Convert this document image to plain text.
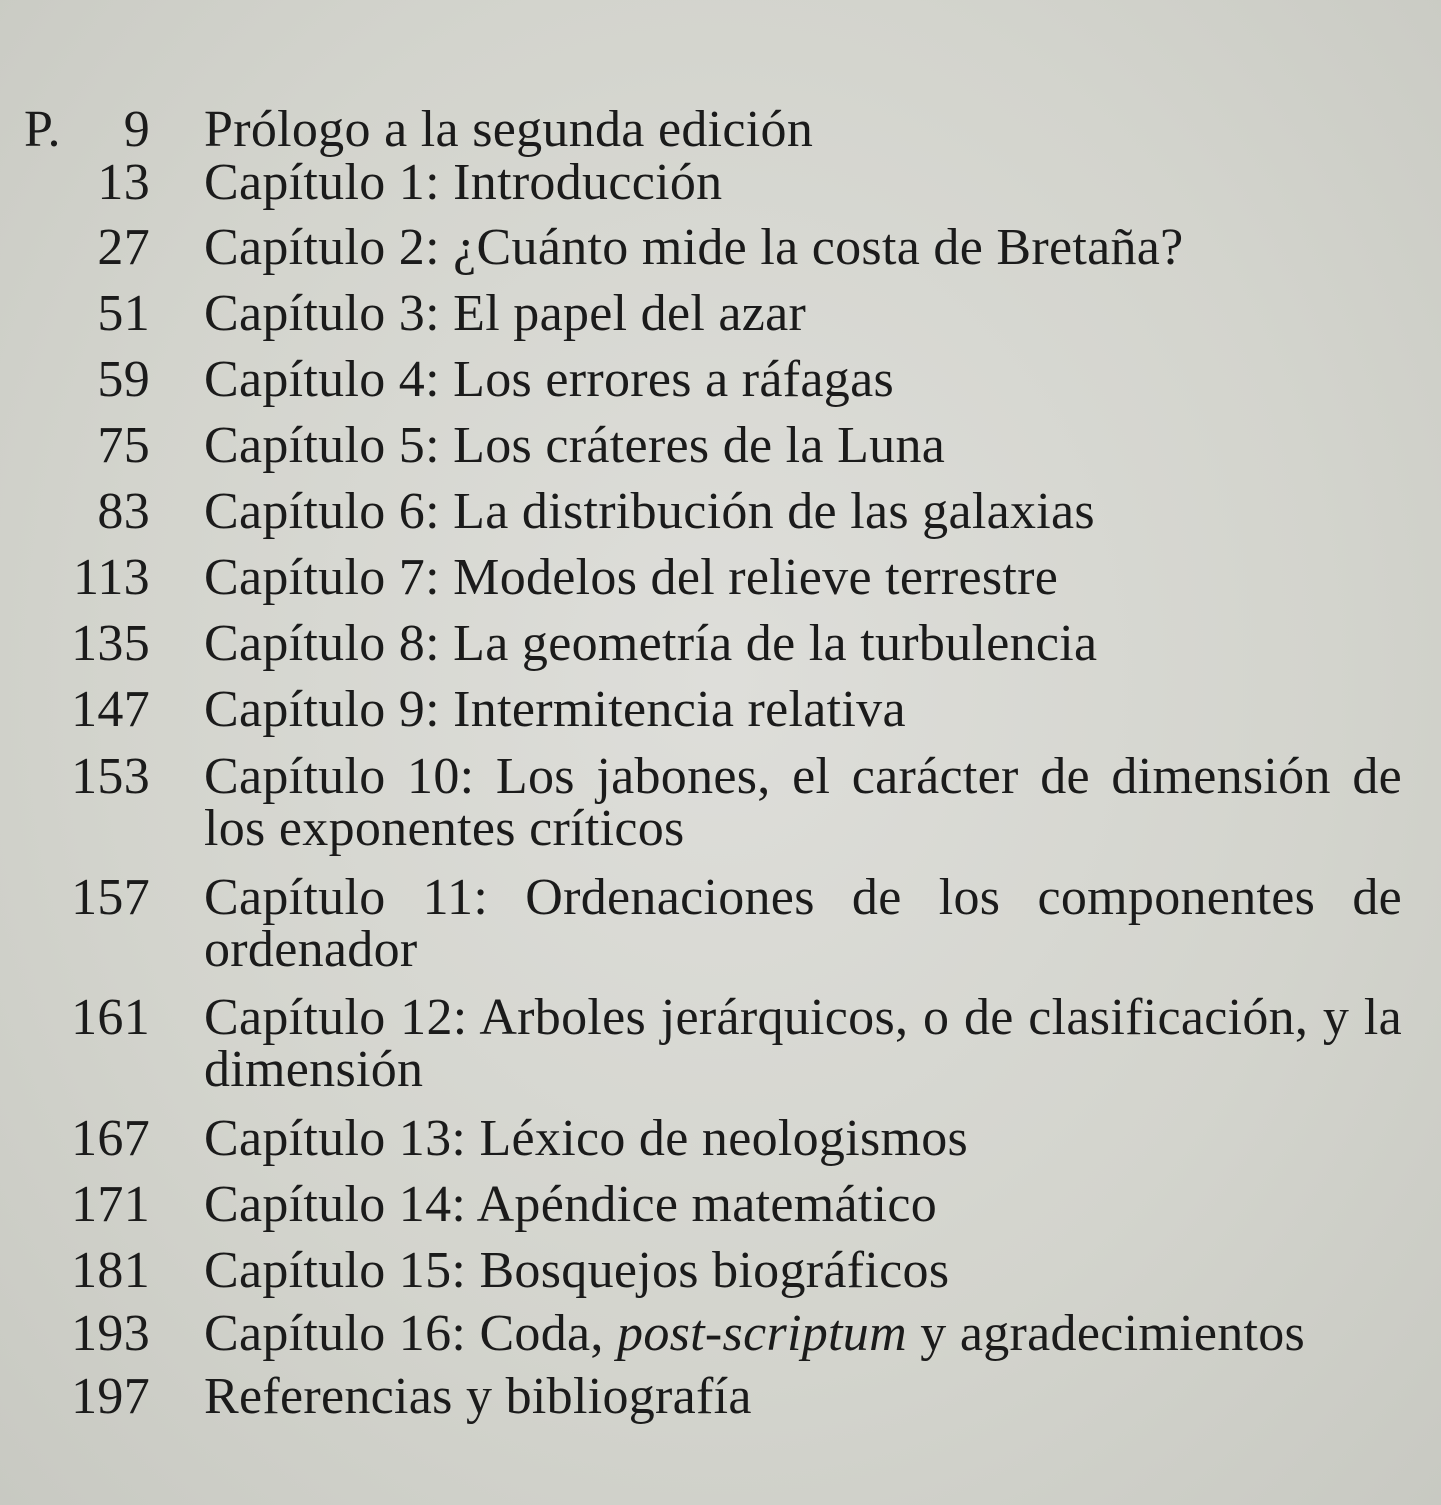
P. 9 Prólogo a la segunda edición
13 Capítulo 1: Introducción
27 Capítulo 2: ¿Cuánto mide la costa de Bretaña?
51 Capítulo 3: El papel del azar
59 Capítulo 4: Los errores a ráfagas
75 Capítulo 5: Los cráteres de la Luna
83 Capítulo 6: La distribución de las galaxias
113 Capítulo 7: Modelos del relieve terrestre
135 Capítulo 8: La geometría de la turbulencia
147 Capítulo 9: Intermitencia relativa
153 Capítulo 10: Los jabones, el carácter de dimensión de los exponentes críticos
157 Capítulo 11: Ordenaciones de los componentes de ordenador
161 Capítulo 12: Arboles jerárquicos, o de clasificación, y la dimensión
167 Capítulo 13: Léxico de neologismos
171 Capítulo 14: Apéndice matemático
181 Capítulo 15: Bosquejos biográficos
193 Capítulo 16: Coda, post-scriptum y agradecimientos
197 Referencias y bibliografía
